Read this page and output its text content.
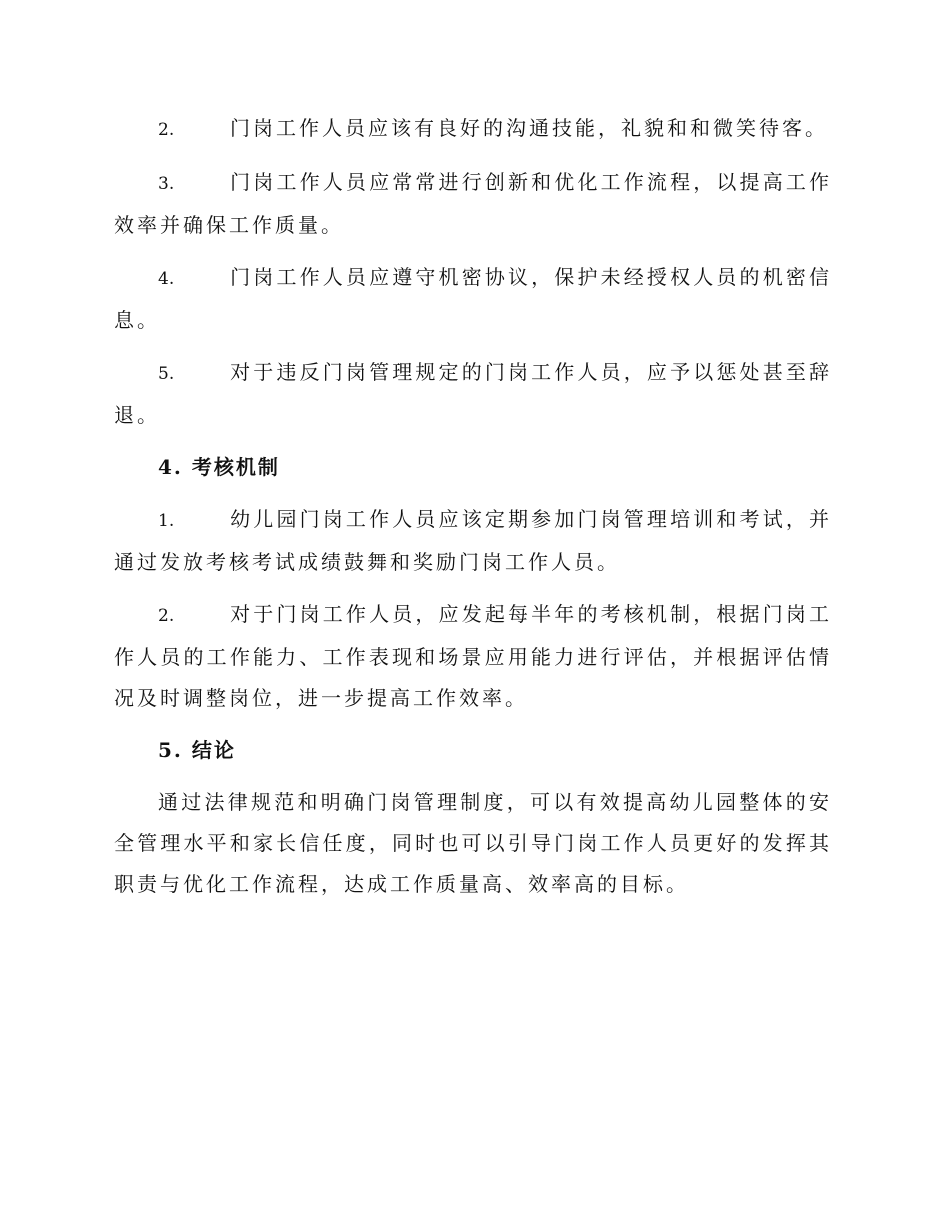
2.	门岗工作人员应该有良好的沟通技能，礼貌和和微笑待客。

3.	门岗工作人员应常常进行创新和优化工作流程，以提高工作效率并确保工作质量。

4.	门岗工作人员应遵守机密协议，保护未经授权人员的机密信息。

5.	对于违反门岗管理规定的门岗工作人员，应予以惩处甚至辞退。

4. 考核机制

1.	幼儿园门岗工作人员应该定期参加门岗管理培训和考试，并通过发放考核考试成绩鼓舞和奖励门岗工作人员。

2.	对于门岗工作人员，应发起每半年的考核机制，根据门岗工作人员的工作能力、工作表现和场景应用能力进行评估，并根据评估情况及时调整岗位，进一步提高工作效率。

5. 结论

通过法律规范和明确门岗管理制度，可以有效提高幼儿园整体的安全管理水平和家长信任度，同时也可以引导门岗工作人员更好的发挥其职责与优化工作流程，达成工作质量高、效率高的目标。
